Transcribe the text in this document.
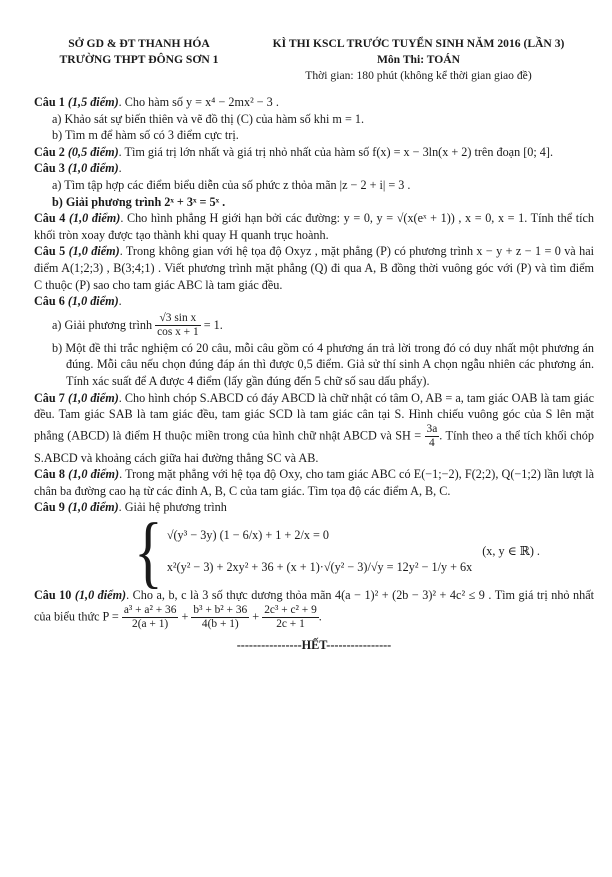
SỞ GD & ĐT THANH HÓA
TRƯỜNG THPT ĐÔNG SƠN 1
KÌ THI KSCL TRƯỚC TUYỂN SINH NĂM 2016 (LẦN 3)
Môn Thi: TOÁN
Thời gian: 180 phút (không kể thời gian giao đề)

Câu 1 (1,5 điểm). Cho hàm số y = x⁴ − 2mx² − 3 .

a) Khảo sát sự biến thiên và vẽ đồ thị (C) của hàm số khi m = 1.

b) Tìm m để hàm số có 3 điểm cực trị.

Câu 2 (0,5 điểm). Tìm giá trị lớn nhất và giá trị nhỏ nhất của hàm số f(x) = x − 3ln(x + 2) trên đoạn [0; 4].

Câu 3 (1,0 điểm).

a) Tìm tập hợp các điểm biểu diễn của số phức z thỏa mãn |z − 2 + i| = 3 .

b) Giải phương trình 2ˣ + 3ˣ = 5ˣ .

Câu 4 (1,0 điểm). Cho hình phẳng H giới hạn bởi các đường: y = 0, y = √(x(eˣ + 1)) , x = 0, x = 1. Tính thể tích khối tròn xoay được tạo thành khi quay H quanh trục hoành.

Câu 5 (1,0 điểm). Trong không gian với hệ tọa độ Oxyz , mặt phẳng (P) có phương trình x − y + z − 1 = 0 và hai điểm A(1;2;3) , B(3;4;1) . Viết phương trình mặt phẳng (Q) đi qua A, B đồng thời vuông góc với (P) và tìm điểm C thuộc (P) sao cho tam giác ABC là tam giác đều.

Câu 6 (1,0 điểm).

a) Giải phương trình $\frac{\text{√3 sin x}}{\text{cos x + 1}} = 1$.

b) Một đề thi trắc nghiệm có 20 câu, mỗi câu gồm có 4 phương án trả lời trong đó có duy nhất một phương án đúng. Mỗi câu nếu chọn đúng đáp án thì được 0,5 điểm. Giả sử thí sinh A chọn ngẫu nhiên các phương án. Tính xác suất để A được 4 điểm (lấy gần đúng đến 5 chữ số sau dấu phẩy).

Câu 7 (1,0 điểm). Cho hình chóp S.ABCD có đáy ABCD là chữ nhật có tâm O, AB = a, tam giác OAB là tam giác đều. Tam giác SAB là tam giác đều, tam giác SCD là tam giác cân tại S. Hình chiếu vuông góc của S lên mặt phẳng (ABCD) là điểm H thuộc miền trong của hình chữ nhật ABCD và SH = $\frac{3a}{4}$ . Tính theo a thể tích khối chóp S.ABCD và khoảng cách giữa hai đường thẳng SC và AB.

Câu 8 (1,0 điểm). Trong mặt phẳng với hệ tọa độ Oxy, cho tam giác ABC có E(−1;−2), F(2;2), Q(−1;2) lần lượt là chân ba đường cao hạ từ các đỉnh A, B, C của tam giác. Tìm tọa độ các điểm A, B, C.

Câu 9 (1,0 điểm). Giải hệ phương trình

{ √(y³ − 3y) (1 − 6/x) + 1 + 2/x = 0
x²(y² − 3) + 2xy² + 36 + (x + 1)·√(y² − 3)/√y = 12y² − 1/y + 6x
(x, y ∈ ℝ) .

Câu 10 (1,0 điểm). Cho a, b, c là 3 số thực dương thỏa mãn 4(a − 1)² + (2b − 3)² + 4c² ≤ 9 . Tìm giá trị nhỏ nhất của biểu thức $P = \frac{\text{a³ + a² + 36}}{2(a + 1)} + \frac{\text{b³ + b² + 36}}{4(b + 1)} + \frac{\text{2c³ + c² + 9}}{2c + 1}$ .

----------------HẾT----------------
